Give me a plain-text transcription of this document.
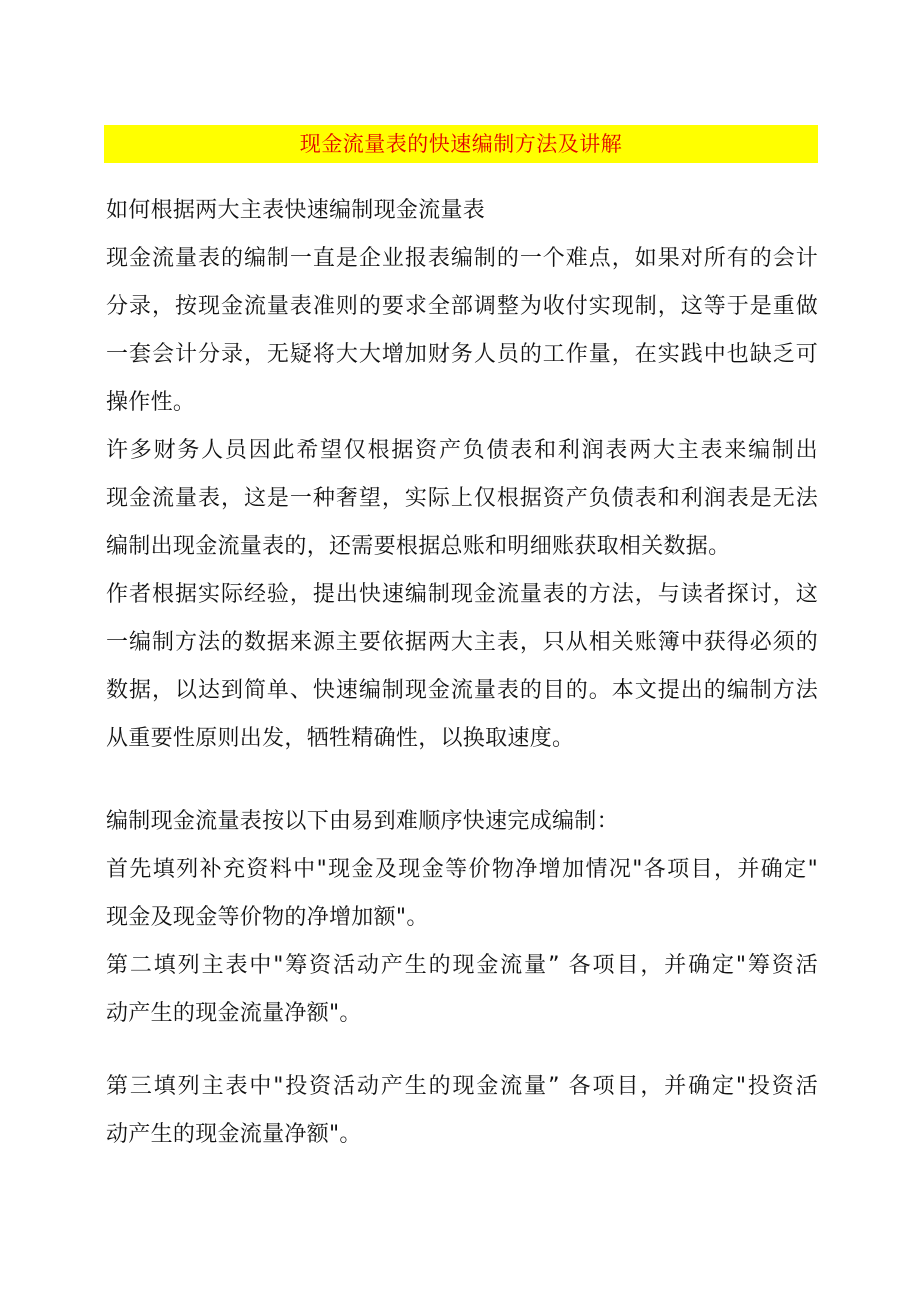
现金流量表的快速编制方法及讲解
如何根据两大主表快速编制现金流量表
现金流量表的编制一直是企业报表编制的一个难点，如果对所有的会计
分录，按现金流量表准则的要求全部调整为收付实现制，这等于是重做
一套会计分录，无疑将大大增加财务人员的工作量，在实践中也缺乏可
操作性。
许多财务人员因此希望仅根据资产负债表和利润表两大主表来编制出
现金流量表，这是一种奢望，实际上仅根据资产负债表和利润表是无法
编制出现金流量表的，还需要根据总账和明细账获取相关数据。
作者根据实际经验，提出快速编制现金流量表的方法，与读者探讨，这
一编制方法的数据来源主要依据两大主表，只从相关账簿中获得必须的
数据，以达到简单、快速编制现金流量表的目的。本文提出的编制方法
从重要性原则出发，牺牲精确性，以换取速度。
编制现金流量表按以下由易到难顺序快速完成编制：
首先填列补充资料中"现金及现金等价物净增加情况"各项目，并确定"
现金及现金等价物的净增加额"。
第二填列主表中"筹资活动产生的现金流量” 各项目，并确定"筹资活
动产生的现金流量净额"。
第三填列主表中"投资活动产生的现金流量” 各项目，并确定"投资活
动产生的现金流量净额"。
